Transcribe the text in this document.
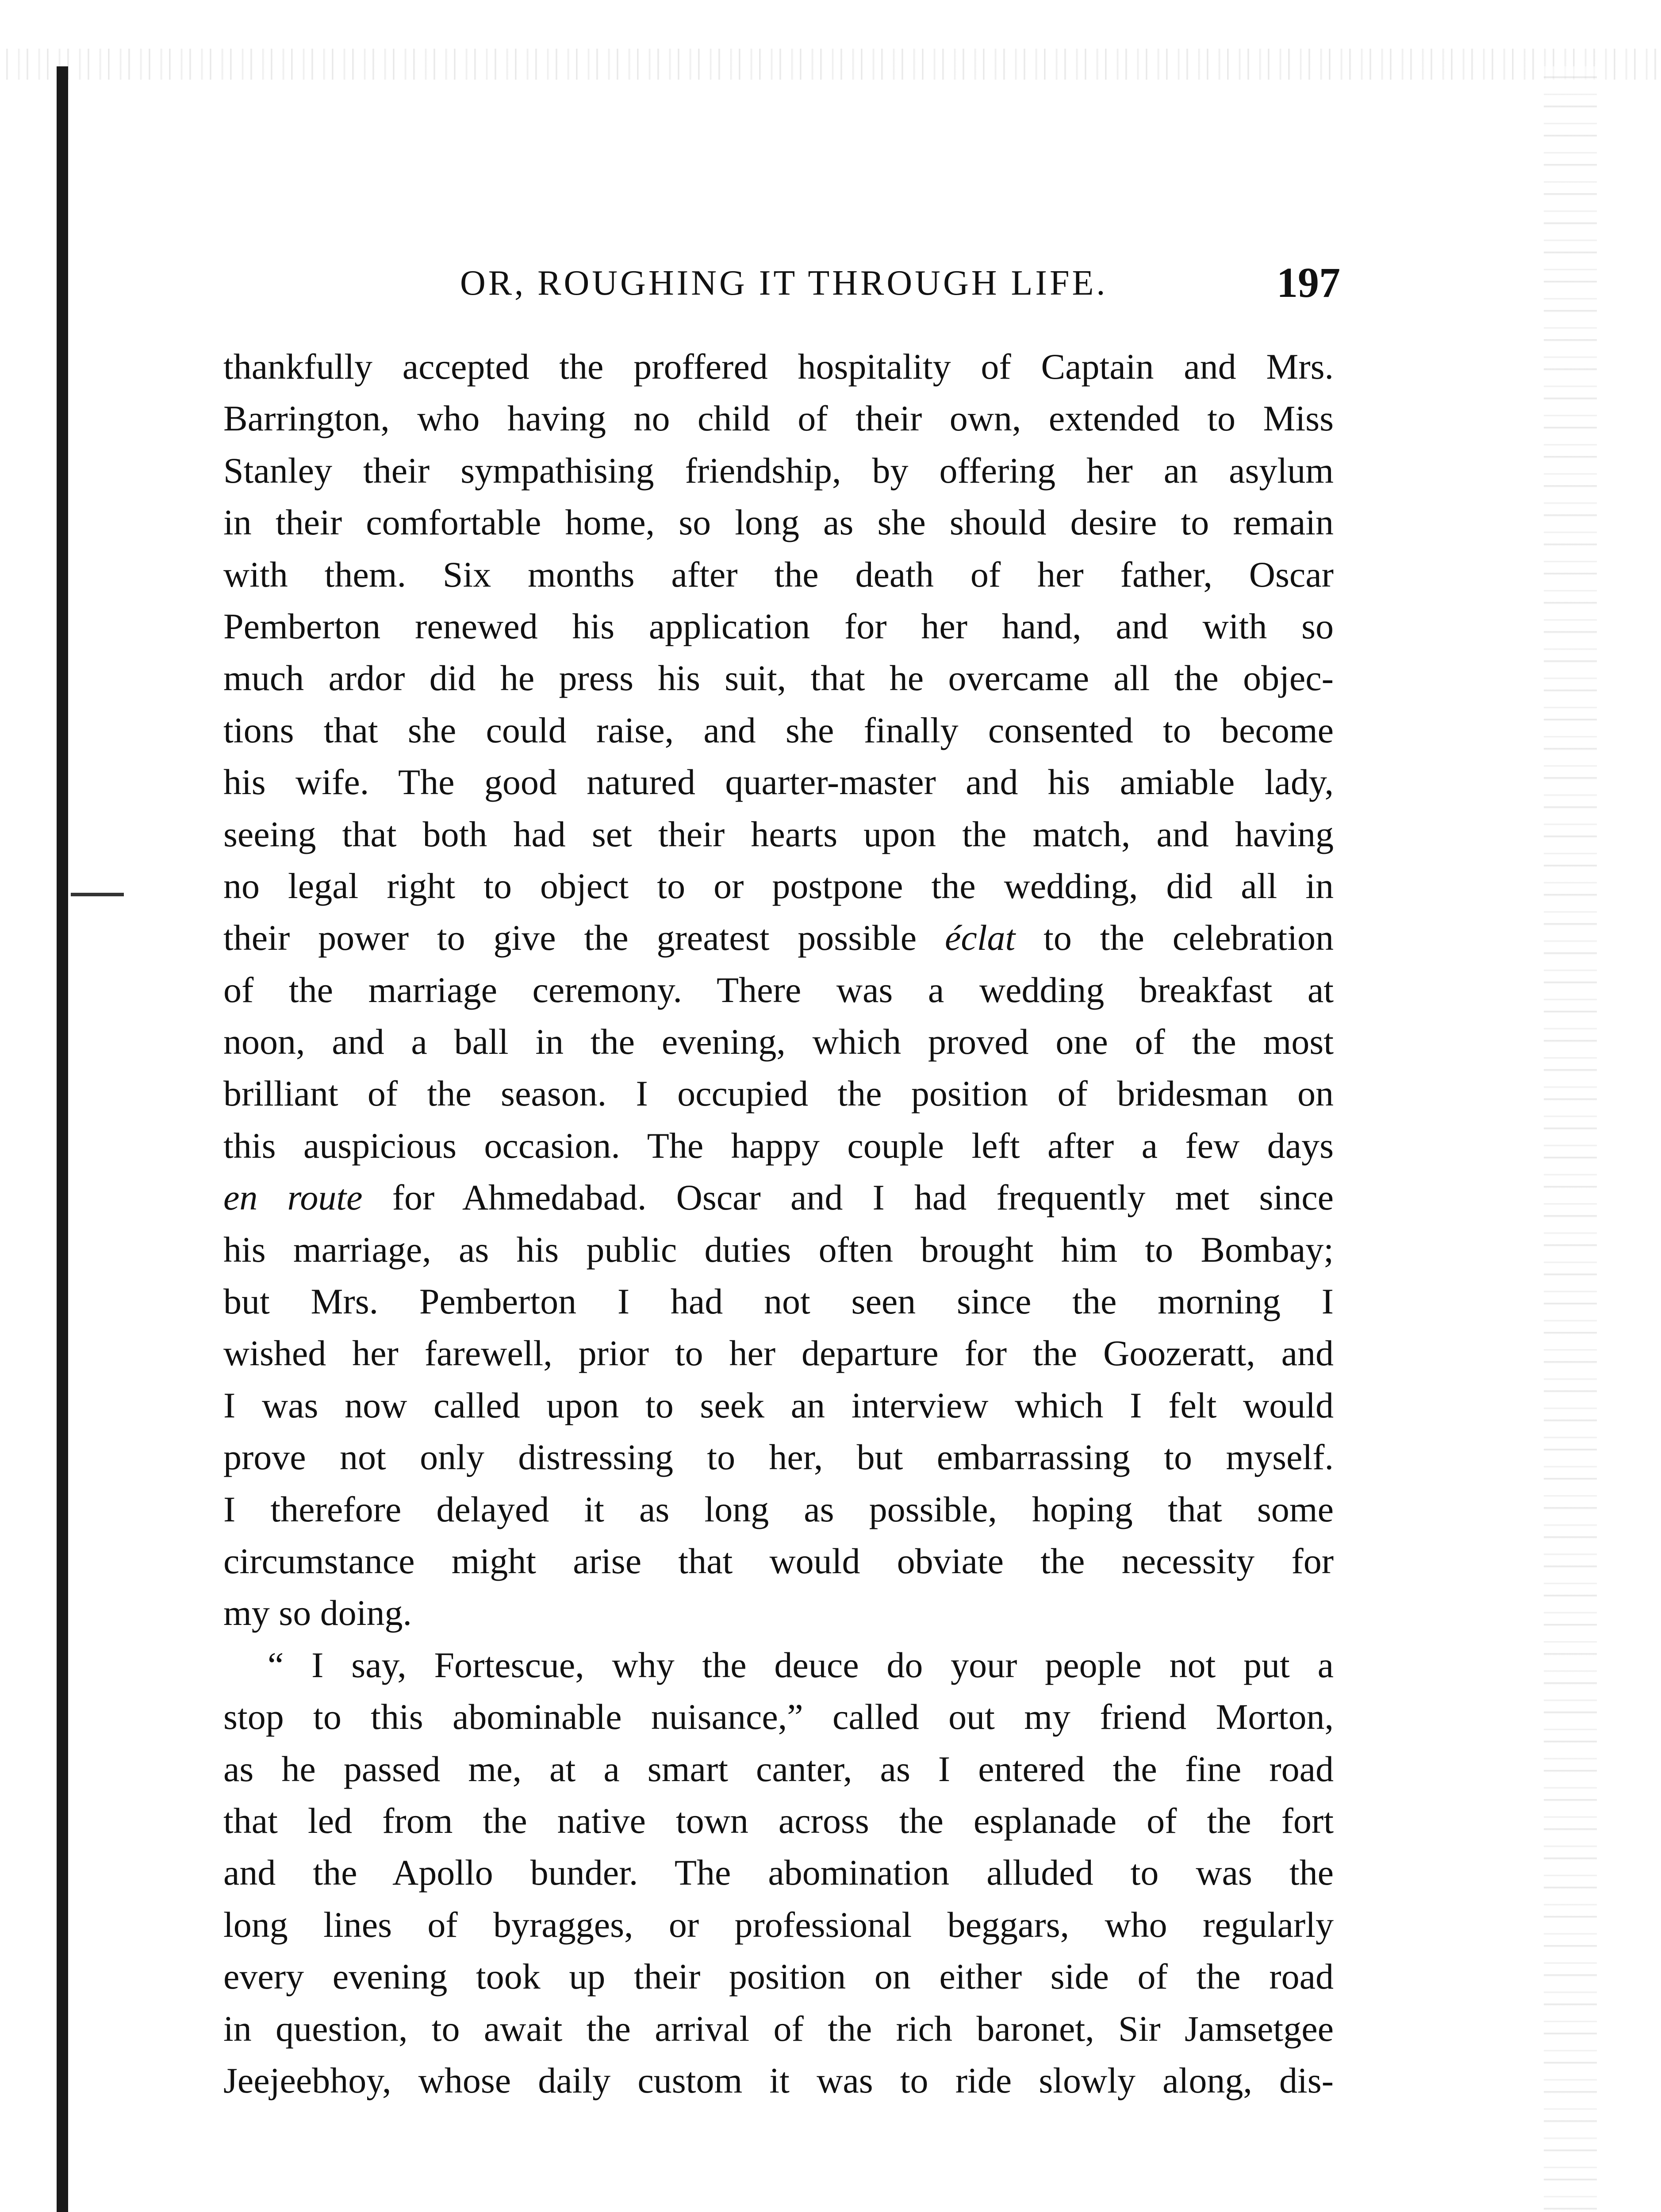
OR, ROUGHING IT THROUGH LIFE.	197
thankfully accepted the proffered hospitality of Captain and Mrs.
Barrington, who having no child of their own, extended to Miss
Stanley their sympathising friendship, by offering her an asylum
in their comfortable home, so long as she should desire to remain
with them. Six months after the death of her father, Oscar
Pemberton renewed his application for her hand, and with so
much ardor did he press his suit, that he overcame all the objec-
tions that she could raise, and she finally consented to become
his wife. The good natured quarter-master and his amiable lady,
seeing that both had set their hearts upon the match, and having
no legal right to object to or postpone the wedding, did all in
their power to give the greatest possible éclat to the celebration
of the marriage ceremony. There was a wedding breakfast at
noon, and a ball in the evening, which proved one of the most
brilliant of the season. I occupied the position of bridesman on
this auspicious occasion. The happy couple left after a few days
en route for Ahmedabad. Oscar and I had frequently met since
his marriage, as his public duties often brought him to Bombay;
but Mrs. Pemberton I had not seen since the morning I
wished her farewell, prior to her departure for the Goozeratt, and
I was now called upon to seek an interview which I felt would
prove not only distressing to her, but embarrassing to myself.
I therefore delayed it as long as possible, hoping that some
circumstance might arise that would obviate the necessity for
my so doing.
“ I say, Fortescue, why the deuce do your people not put a
stop to this abominable nuisance,” called out my friend Morton,
as he passed me, at a smart canter, as I entered the fine road
that led from the native town across the esplanade of the fort
and the Apollo bunder. The abomination alluded to was the
long lines of byragges, or professional beggars, who regularly
every evening took up their position on either side of the road
in question, to await the arrival of the rich baronet, Sir Jamsetgee
Jeejeebhoy, whose daily custom it was to ride slowly along, dis-
